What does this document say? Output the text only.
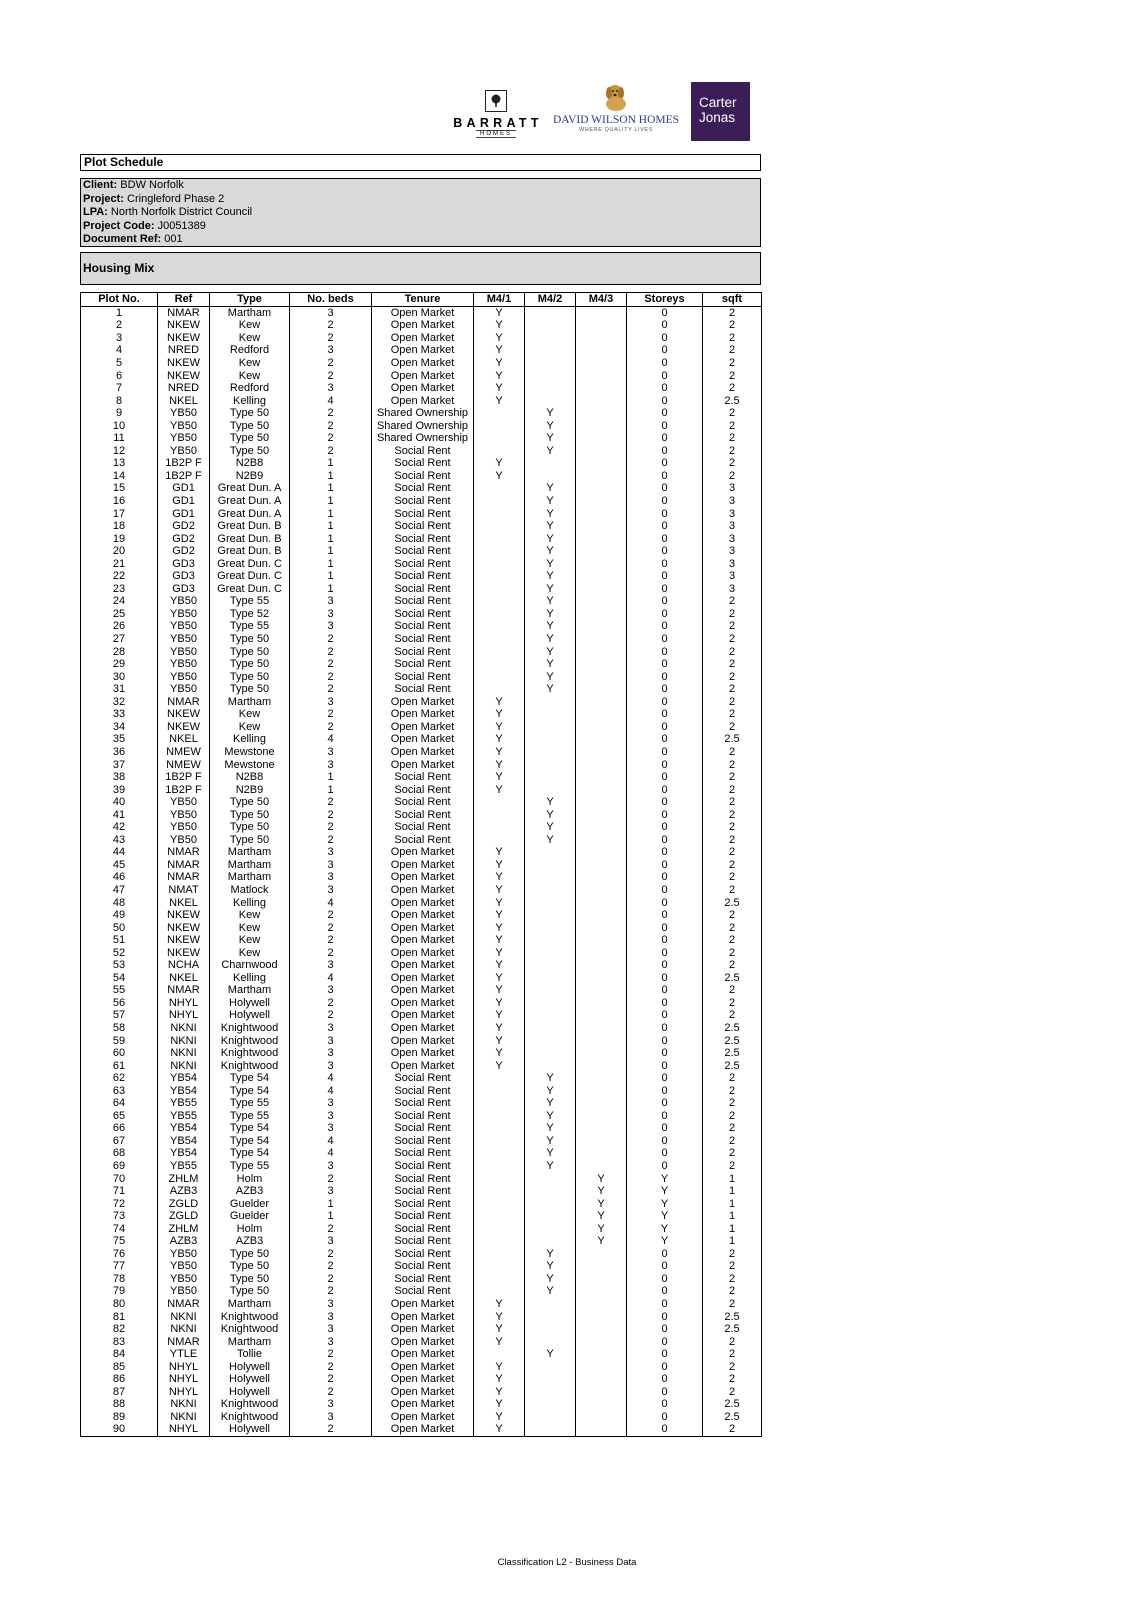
BARRATT
HOMES
DAVID WILSON HOMES
WHERE QUALITY LIVES
Carter
Jonas
Plot Schedule
Client: BDW Norfolk
Project: Cringleford Phase 2
LPA: North Norfolk District Council
Project Code: J0051389
Document Ref: 001
Housing Mix
Plot No.	Ref	Type	No. beds	Tenure	M4/1	M4/2	M4/3	Storeys	sqft
1	NMAR	Martham	3	Open Market	Y			0	2
2	NKEW	Kew	2	Open Market	Y			0	2
3	NKEW	Kew	2	Open Market	Y			0	2
4	NRED	Redford	3	Open Market	Y			0	2
5	NKEW	Kew	2	Open Market	Y			0	2
6	NKEW	Kew	2	Open Market	Y			0	2
7	NRED	Redford	3	Open Market	Y			0	2
8	NKEL	Kelling	4	Open Market	Y			0	2.5
9	YB50	Type 50	2	Shared Ownership		Y		0	2
10	YB50	Type 50	2	Shared Ownership		Y		0	2
11	YB50	Type 50	2	Shared Ownership		Y		0	2
12	YB50	Type 50	2	Social Rent		Y		0	2
13	1B2P F	N2B8	1	Social Rent	Y			0	2
14	1B2P F	N2B9	1	Social Rent	Y			0	2
15	GD1	Great Dun. A	1	Social Rent		Y		0	3
16	GD1	Great Dun. A	1	Social Rent		Y		0	3
17	GD1	Great Dun. A	1	Social Rent		Y		0	3
18	GD2	Great Dun. B	1	Social Rent		Y		0	3
19	GD2	Great Dun. B	1	Social Rent		Y		0	3
20	GD2	Great Dun. B	1	Social Rent		Y		0	3
21	GD3	Great Dun. C	1	Social Rent		Y		0	3
22	GD3	Great Dun. C	1	Social Rent		Y		0	3
23	GD3	Great Dun. C	1	Social Rent		Y		0	3
24	YB50	Type 55	3	Social Rent		Y		0	2
25	YB50	Type 52	3	Social Rent		Y		0	2
26	YB50	Type 55	3	Social Rent		Y		0	2
27	YB50	Type 50	2	Social Rent		Y		0	2
28	YB50	Type 50	2	Social Rent		Y		0	2
29	YB50	Type 50	2	Social Rent		Y		0	2
30	YB50	Type 50	2	Social Rent		Y		0	2
31	YB50	Type 50	2	Social Rent		Y		0	2
32	NMAR	Martham	3	Open Market	Y			0	2
33	NKEW	Kew	2	Open Market	Y			0	2
34	NKEW	Kew	2	Open Market	Y			0	2
35	NKEL	Kelling	4	Open Market	Y			0	2.5
36	NMEW	Mewstone	3	Open Market	Y			0	2
37	NMEW	Mewstone	3	Open Market	Y			0	2
38	1B2P F	N2B8	1	Social Rent	Y			0	2
39	1B2P F	N2B9	1	Social Rent	Y			0	2
40	YB50	Type 50	2	Social Rent		Y		0	2
41	YB50	Type 50	2	Social Rent		Y		0	2
42	YB50	Type 50	2	Social Rent		Y		0	2
43	YB50	Type 50	2	Social Rent		Y		0	2
44	NMAR	Martham	3	Open Market	Y			0	2
45	NMAR	Martham	3	Open Market	Y			0	2
46	NMAR	Martham	3	Open Market	Y			0	2
47	NMAT	Matlock	3	Open Market	Y			0	2
48	NKEL	Kelling	4	Open Market	Y			0	2.5
49	NKEW	Kew	2	Open Market	Y			0	2
50	NKEW	Kew	2	Open Market	Y			0	2
51	NKEW	Kew	2	Open Market	Y			0	2
52	NKEW	Kew	2	Open Market	Y			0	2
53	NCHA	Charnwood	3	Open Market	Y			0	2
54	NKEL	Kelling	4	Open Market	Y			0	2.5
55	NMAR	Martham	3	Open Market	Y			0	2
56	NHYL	Holywell	2	Open Market	Y			0	2
57	NHYL	Holywell	2	Open Market	Y			0	2
58	NKNI	Knightwood	3	Open Market	Y			0	2.5
59	NKNI	Knightwood	3	Open Market	Y			0	2.5
60	NKNI	Knightwood	3	Open Market	Y			0	2.5
61	NKNI	Knightwood	3	Open Market	Y			0	2.5
62	YB54	Type 54	4	Social Rent		Y		0	2
63	YB54	Type 54	4	Social Rent		Y		0	2
64	YB55	Type 55	3	Social Rent		Y		0	2
65	YB55	Type 55	3	Social Rent		Y		0	2
66	YB54	Type 54	3	Social Rent		Y		0	2
67	YB54	Type 54	4	Social Rent		Y		0	2
68	YB54	Type 54	4	Social Rent		Y		0	2
69	YB55	Type 55	3	Social Rent		Y		0	2
70	ZHLM	Holm	2	Social Rent			Y	Y	1
71	AZB3	AZB3	3	Social Rent			Y	Y	1
72	ZGLD	Guelder	1	Social Rent			Y	Y	1
73	ZGLD	Guelder	1	Social Rent			Y	Y	1
74	ZHLM	Holm	2	Social Rent			Y	Y	1
75	AZB3	AZB3	3	Social Rent			Y	Y	1
76	YB50	Type 50	2	Social Rent		Y		0	2
77	YB50	Type 50	2	Social Rent		Y		0	2
78	YB50	Type 50	2	Social Rent		Y		0	2
79	YB50	Type 50	2	Social Rent		Y		0	2
80	NMAR	Martham	3	Open Market	Y			0	2
81	NKNI	Knightwood	3	Open Market	Y			0	2.5
82	NKNI	Knightwood	3	Open Market	Y			0	2.5
83	NMAR	Martham	3	Open Market	Y			0	2
84	YTLE	Tollie	2	Open Market		Y		0	2
85	NHYL	Holywell	2	Open Market	Y			0	2
86	NHYL	Holywell	2	Open Market	Y			0	2
87	NHYL	Holywell	2	Open Market	Y			0	2
88	NKNI	Knightwood	3	Open Market	Y			0	2.5
89	NKNI	Knightwood	3	Open Market	Y			0	2.5
90	NHYL	Holywell	2	Open Market	Y			0	2
Classification L2 - Business Data
